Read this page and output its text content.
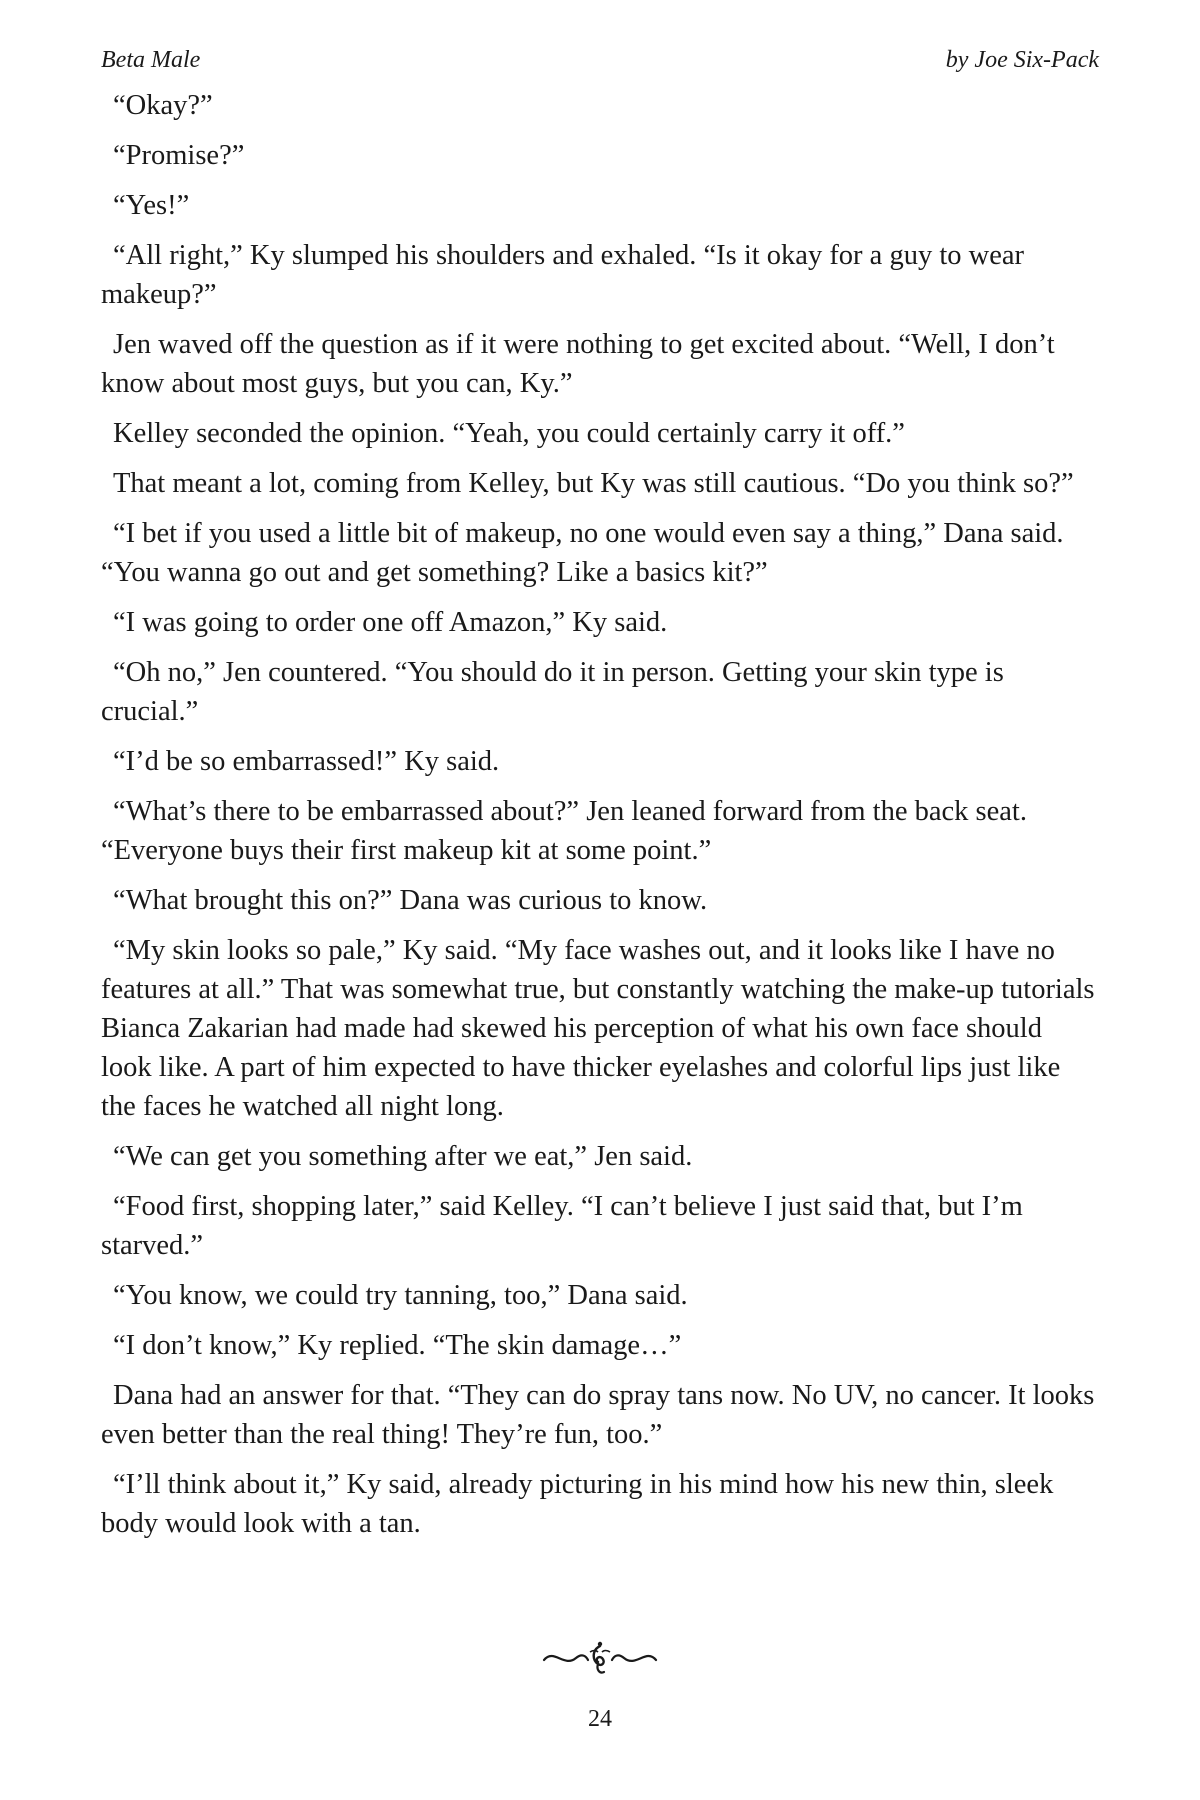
Beta Male	by Joe Six-Pack

“Okay?”

“Promise?”

“Yes!”

“All right,” Ky slumped his shoulders and exhaled. “Is it okay for a guy to wear makeup?”

Jen waved off the question as if it were nothing to get excited about. “Well, I don’t know about most guys, but you can, Ky.”

Kelley seconded the opinion. “Yeah, you could certainly carry it off.”

That meant a lot, coming from Kelley, but Ky was still cautious. “Do you think so?”

“I bet if you used a little bit of makeup, no one would even say a thing,” Dana said. “You wanna go out and get something? Like a basics kit?”

“I was going to order one off Amazon,” Ky said.

“Oh no,” Jen countered. “You should do it in person. Getting your skin type is crucial.”

“I’d be so embarrassed!” Ky said.

“What’s there to be embarrassed about?” Jen leaned forward from the back seat. “Everyone buys their first makeup kit at some point.”

“What brought this on?” Dana was curious to know.

“My skin looks so pale,” Ky said. “My face washes out, and it looks like I have no features at all.” That was somewhat true, but constantly watching the make-up tutorials Bianca Zakarian had made had skewed his perception of what his own face should look like. A part of him expected to have thicker eyelashes and colorful lips just like the faces he watched all night long.

“We can get you something after we eat,” Jen said.

“Food first, shopping later,” said Kelley. “I can’t believe I just said that, but I’m starved.”

“You know, we could try tanning, too,” Dana said.

“I don’t know,” Ky replied. “The skin damage…”

Dana had an answer for that. “They can do spray tans now. No UV, no cancer. It looks even better than the real thing! They’re fun, too.”

“I’ll think about it,” Ky said, already picturing in his mind how his new thin, sleek body would look with a tan.

24
